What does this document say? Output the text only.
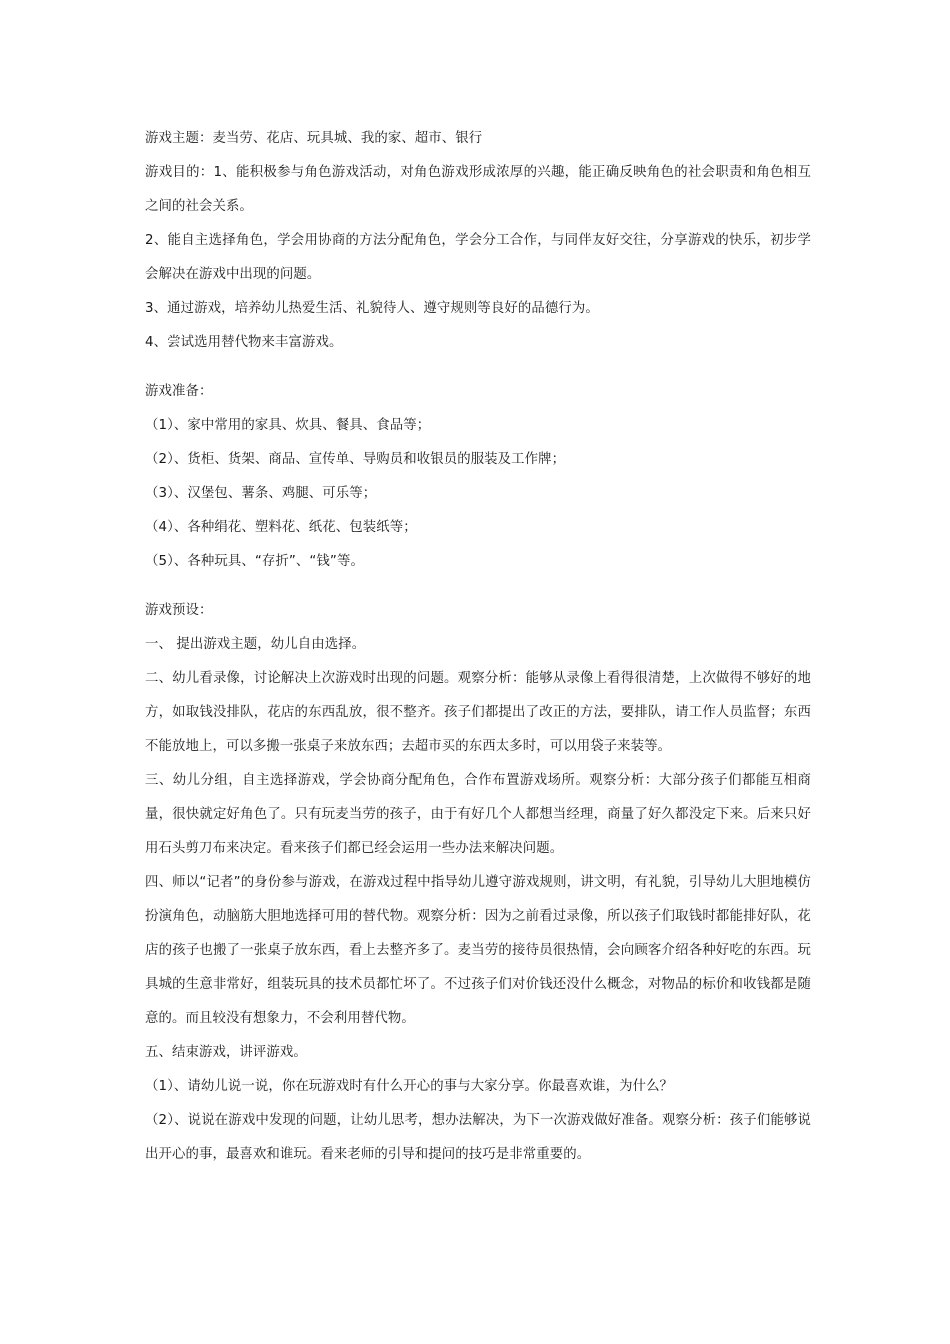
游戏主题：麦当劳、花店、玩具城、我的家、超市、银行

游戏目的：1、能积极参与角色游戏活动，对角色游戏形成浓厚的兴趣，能正确反映角色的社会职责和角色相互之间的社会关系。

2、能自主选择角色，学会用协商的方法分配角色，学会分工合作，与同伴友好交往，分享游戏的快乐，初步学会解决在游戏中出现的问题。

3、通过游戏，培养幼儿热爱生活、礼貌待人、遵守规则等良好的品德行为。

4、尝试选用替代物来丰富游戏。

游戏准备：

（1）、家中常用的家具、炊具、餐具、食品等；

（2）、货柜、货架、商品、宣传单、导购员和收银员的服装及工作牌；

（3）、汉堡包、薯条、鸡腿、可乐等；

（4）、各种绢花、塑料花、纸花、包装纸等；

（5）、各种玩具、“存折”、“钱”等。

游戏预设：

一、 提出游戏主题，幼儿自由选择。

二、幼儿看录像，讨论解决上次游戏时出现的问题。观察分析：能够从录像上看得很清楚，上次做得不够好的地方，如取钱没排队，花店的东西乱放，很不整齐。孩子们都提出了改正的方法，要排队，请工作人员监督；东西不能放地上，可以多搬一张桌子来放东西；去超市买的东西太多时，可以用袋子来装等。

三、幼儿分组，自主选择游戏，学会协商分配角色，合作布置游戏场所。观察分析：大部分孩子们都能互相商量，很快就定好角色了。只有玩麦当劳的孩子，由于有好几个人都想当经理，商量了好久都没定下来。后来只好用石头剪刀布来决定。看来孩子们都已经会运用一些办法来解决问题。

四、师以“记者”的身份参与游戏，在游戏过程中指导幼儿遵守游戏规则，讲文明，有礼貌，引导幼儿大胆地模仿扮演角色，动脑筋大胆地选择可用的替代物。观察分析：因为之前看过录像，所以孩子们取钱时都能排好队，花店的孩子也搬了一张桌子放东西，看上去整齐多了。麦当劳的接待员很热情，会向顾客介绍各种好吃的东西。玩具城的生意非常好，组装玩具的技术员都忙坏了。不过孩子们对价钱还没什么概念，对物品的标价和收钱都是随意的。而且较没有想象力，不会利用替代物。

五、结束游戏，讲评游戏。

（1）、请幼儿说一说，你在玩游戏时有什么开心的事与大家分享。你最喜欢谁，为什么？

（2）、说说在游戏中发现的问题，让幼儿思考，想办法解决，为下一次游戏做好准备。观察分析：孩子们能够说出开心的事，最喜欢和谁玩。看来老师的引导和提问的技巧是非常重要的。
